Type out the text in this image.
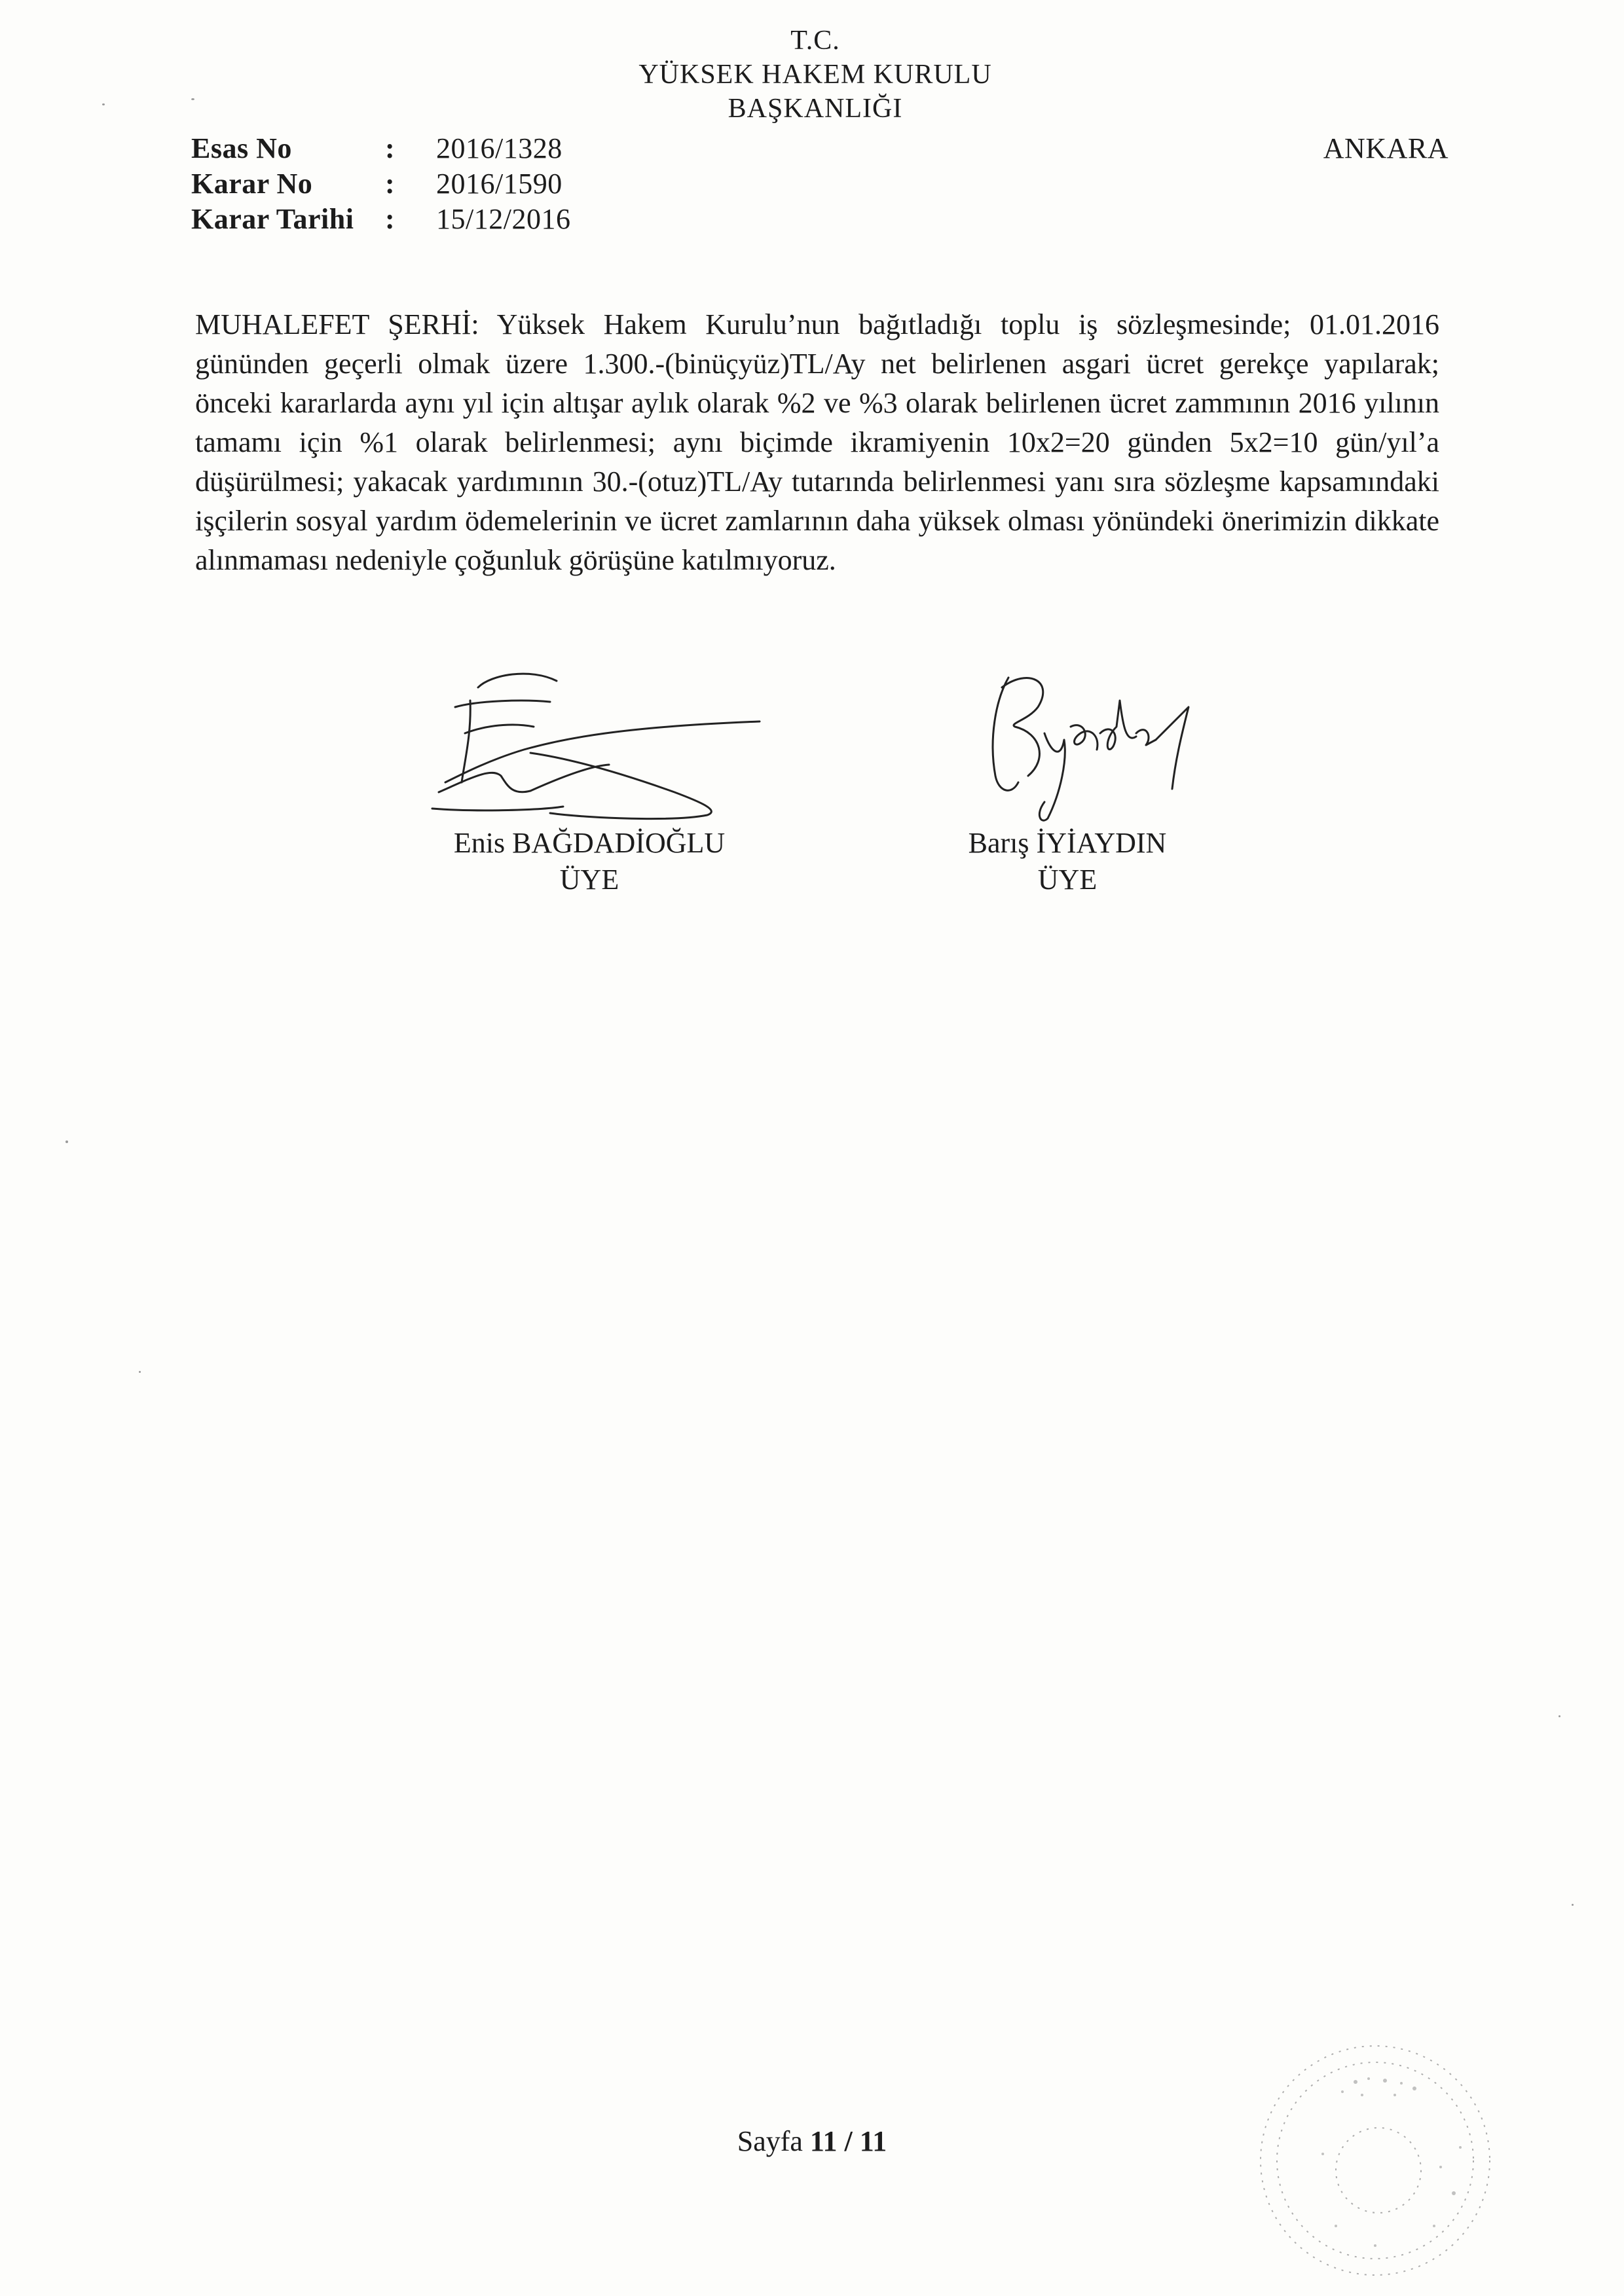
T.C.
YÜKSEK HAKEM KURULU
BAŞKANLIĞI
Esas No	:	2016/1328
Karar No	:	2016/1590
Karar Tarihi	:	15/12/2016
ANKARA
MUHALEFET ŞERHİ: Yüksek Hakem Kurulu’nun bağıtladığı toplu iş sözleşmesinde; 01.01.2016 gününden geçerli olmak üzere 1.300.-(binüçyüz)TL/Ay net belirlenen asgari ücret gerekçe yapılarak; önceki kararlarda aynı yıl için altışar aylık olarak %2 ve %3 olarak belirlenen ücret zammının 2016 yılının tamamı için %1 olarak belirlenmesi; aynı biçimde ikramiyenin 10x2=20 günden 5x2=10 gün/yıl’a düşürülmesi; yakacak yardımının 30.-(otuz)TL/Ay tutarında belirlenmesi yanı sıra sözleşme kapsamındaki işçilerin sosyal yardım ödemelerinin ve ücret zamlarının daha yüksek olması yönündeki önerimizin dikkate alınmaması nedeniyle çoğunluk görüşüne katılmıyoruz.
Enis BAĞDADİOĞLU
ÜYE
Barış İYİAYDIN
ÜYE
Sayfa 11 / 11
